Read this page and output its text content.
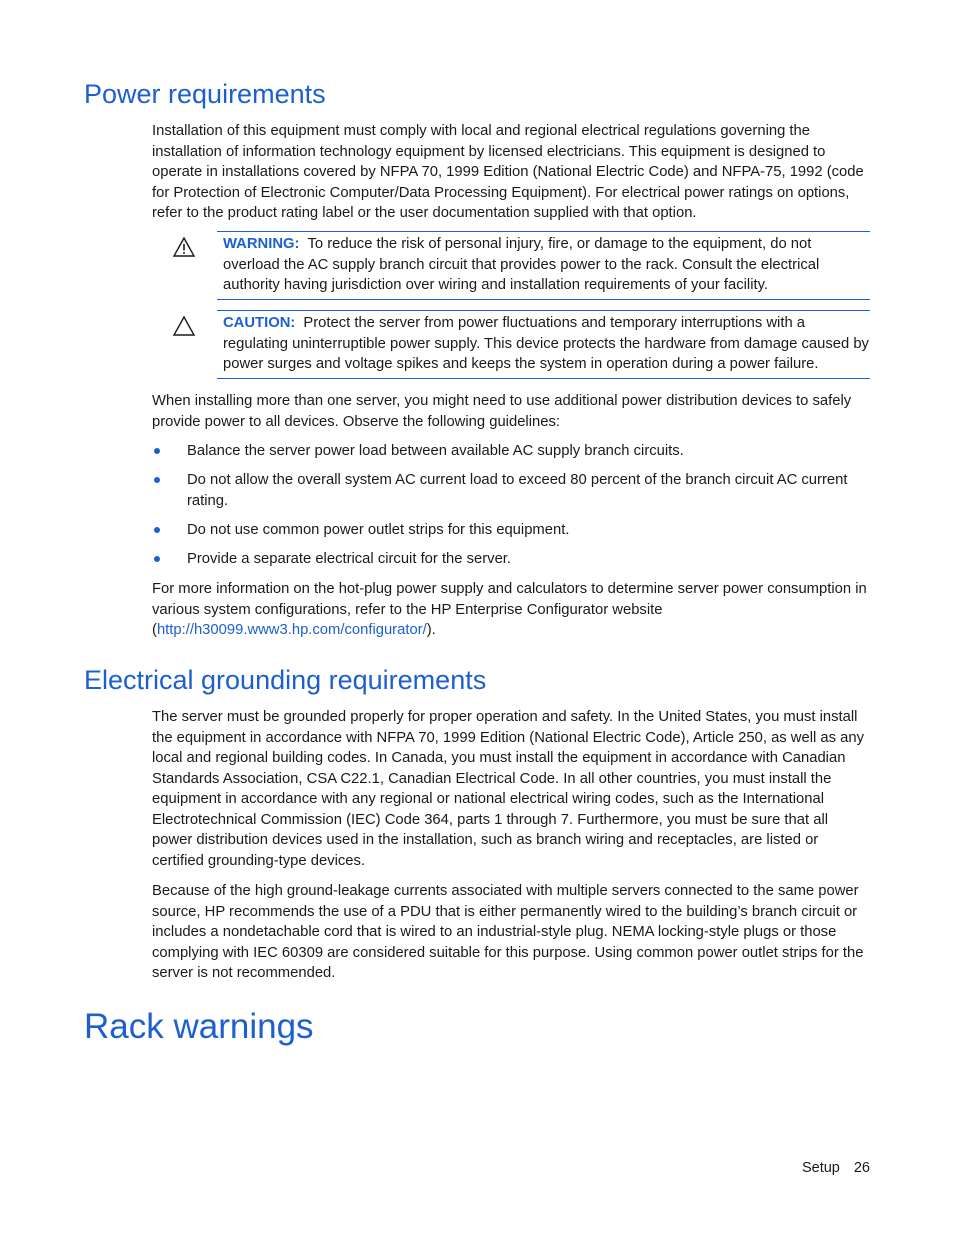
Power requirements

Installation of this equipment must comply with local and regional electrical regulations governing the installation of information technology equipment by licensed electricians. This equipment is designed to operate in installations covered by NFPA 70, 1999 Edition (National Electric Code) and NFPA-75, 1992 (code for Protection of Electronic Computer/Data Processing Equipment). For electrical power ratings on options, refer to the product rating label or the user documentation supplied with that option.

WARNING: To reduce the risk of personal injury, fire, or damage to the equipment, do not overload the AC supply branch circuit that provides power to the rack. Consult the electrical authority having jurisdiction over wiring and installation requirements of your facility.
CAUTION: Protect the server from power fluctuations and temporary interruptions with a regulating uninterruptible power supply. This device protects the hardware from damage caused by power surges and voltage spikes and keeps the system in operation during a power failure.

When installing more than one server, you might need to use additional power distribution devices to safely provide power to all devices. Observe the following guidelines:

Balance the server power load between available AC supply branch circuits.
Do not allow the overall system AC current load to exceed 80 percent of the branch circuit AC current rating.
Do not use common power outlet strips for this equipment.
Provide a separate electrical circuit for the server.

For more information on the hot-plug power supply and calculators to determine server power consumption in various system configurations, refer to the HP Enterprise Configurator website
(http://h30099.www3.hp.com/configurator/).

Electrical grounding requirements

The server must be grounded properly for proper operation and safety. In the United States, you must install the equipment in accordance with NFPA 70, 1999 Edition (National Electric Code), Article 250, as well as any local and regional building codes. In Canada, you must install the equipment in accordance with Canadian Standards Association, CSA C22.1, Canadian Electrical Code. In all other countries, you must install the equipment in accordance with any regional or national electrical wiring codes, such as the International Electrotechnical Commission (IEC) Code 364, parts 1 through 7. Furthermore, you must be sure that all power distribution devices used in the installation, such as branch wiring and receptacles, are listed or certified grounding-type devices.

Because of the high ground-leakage currents associated with multiple servers connected to the same power source, HP recommends the use of a PDU that is either permanently wired to the building’s branch circuit or includes a nondetachable cord that is wired to an industrial-style plug. NEMA locking-style plugs or those complying with IEC 60309 are considered suitable for this purpose. Using common power outlet strips for the server is not recommended.

Rack warnings
Setup 26
